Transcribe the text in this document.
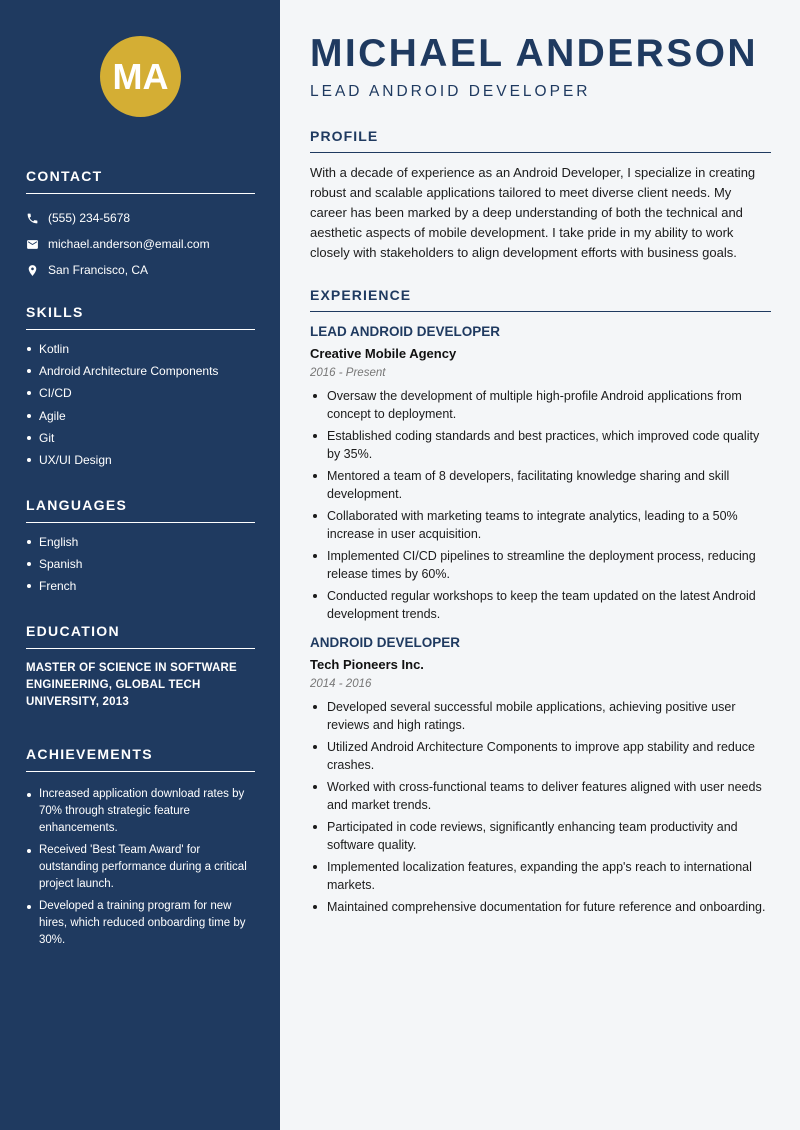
MA
CONTACT
(555) 234-5678
michael.anderson@email.com
San Francisco, CA
SKILLS
Kotlin
Android Architecture Components
CI/CD
Agile
Git
UX/UI Design
LANGUAGES
English
Spanish
French
EDUCATION
MASTER OF SCIENCE IN SOFTWARE ENGINEERING, GLOBAL TECH UNIVERSITY, 2013
ACHIEVEMENTS
Increased application download rates by 70% through strategic feature enhancements.
Received 'Best Team Award' for outstanding performance during a critical project launch.
Developed a training program for new hires, which reduced onboarding time by 30%.
MICHAEL ANDERSON
LEAD ANDROID DEVELOPER
PROFILE

With a decade of experience as an Android Developer, I specialize in creating robust and scalable applications tailored to meet diverse client needs. My career has been marked by a deep understanding of both the technical and aesthetic aspects of mobile development. I take pride in my ability to work closely with stakeholders to align development efforts with business goals.

EXPERIENCE
LEAD ANDROID DEVELOPER
Creative Mobile Agency
2016 - Present
Oversaw the development of multiple high-profile Android applications from concept to deployment.
Established coding standards and best practices, which improved code quality by 35%.
Mentored a team of 8 developers, facilitating knowledge sharing and skill development.
Collaborated with marketing teams to integrate analytics, leading to a 50% increase in user acquisition.
Implemented CI/CD pipelines to streamline the deployment process, reducing release times by 60%.
Conducted regular workshops to keep the team updated on the latest Android development trends.
ANDROID DEVELOPER
Tech Pioneers Inc.
2014 - 2016
Developed several successful mobile applications, achieving positive user reviews and high ratings.
Utilized Android Architecture Components to improve app stability and reduce crashes.
Worked with cross-functional teams to deliver features aligned with user needs and market trends.
Participated in code reviews, significantly enhancing team productivity and software quality.
Implemented localization features, expanding the app's reach to international markets.
Maintained comprehensive documentation for future reference and onboarding.
